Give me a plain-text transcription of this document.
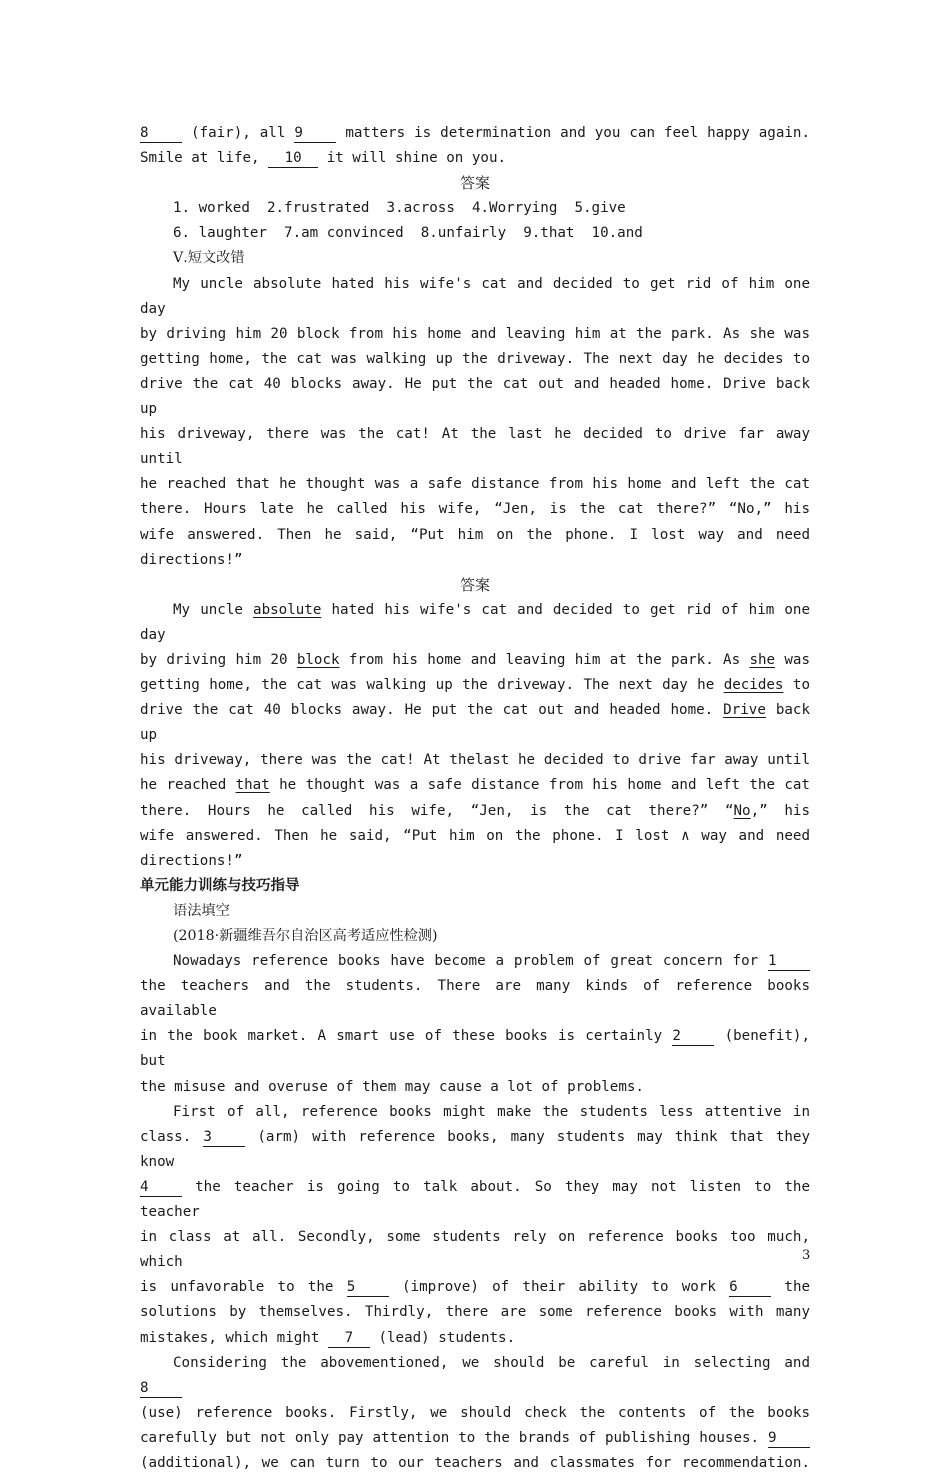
8	(fair), all 9	matters is determination and you can feel happy again.
Smile at life, 10 it will shine on you.
答案
1. worked  2.frustrated  3.across  4.Worrying  5.give
6. laughter  7.am convinced  8.unfairly  9.that  10.and
Ⅴ.短文改错
My uncle absolute hated his wife's cat and decided to get rid of him one day
by driving him 20 block from his home and leaving him at the park. As she was
getting home, the cat was walking up the driveway. The next day he decides to
drive the cat 40 blocks away. He put the cat out and headed home. Drive back up
his driveway, there was the cat! At the last he decided to drive far away until
he reached that he thought was a safe distance from his home and left the cat
there. Hours late he called his wife, “Jen, is the cat there?” “No,” his
wife answered. Then he said, “Put him on the phone. I lost way and need
directions!”
答案
My uncle absolute hated his wife's cat and decided to get rid of him one day
by driving him 20 block from his home and leaving him at the park. As she was
getting home, the cat was walking up the driveway. The next day he decides to
drive the cat 40 blocks away. He put the cat out and headed home. Drive back up
his driveway, there was the cat! At thelast he decided to drive far away until
he reached that he thought was a safe distance from his home and left the cat
there. Hours he called his wife, “Jen, is the cat there?” “No,” his
wife answered. Then he said, “Put him on the phone. I lost ∧ way and need
directions!”
单元能力训练与技巧指导
语法填空
(2018·新疆维吾尔自治区高考适应性检测)
Nowadays reference books have become a problem of great concern for 1
the teachers and the students. There are many kinds of reference books available
in the book market. A smart use of these books is certainly 2	(benefit), but
the misuse and overuse of them may cause a lot of problems.
First of all, reference books might make the students less attentive in
class. 3	(arm) with reference books, many students may think that they know
4	the teacher is going to talk about. So they may not listen to the teacher
in class at all. Secondly, some students rely on reference books too much, which
is unfavorable to the 5	(improve) of their ability to work 6	the
solutions by themselves. Thirdly, there are some reference books with many
mistakes, which might 7 (lead) students.
Considering the abovementioned, we should be careful in selecting and 8
(use) reference books. Firstly, we should check the contents of the books
carefully but not only pay attention to the brands of publishing houses. 9
(additional), we can turn to our teachers and classmates for recommendation.
3
